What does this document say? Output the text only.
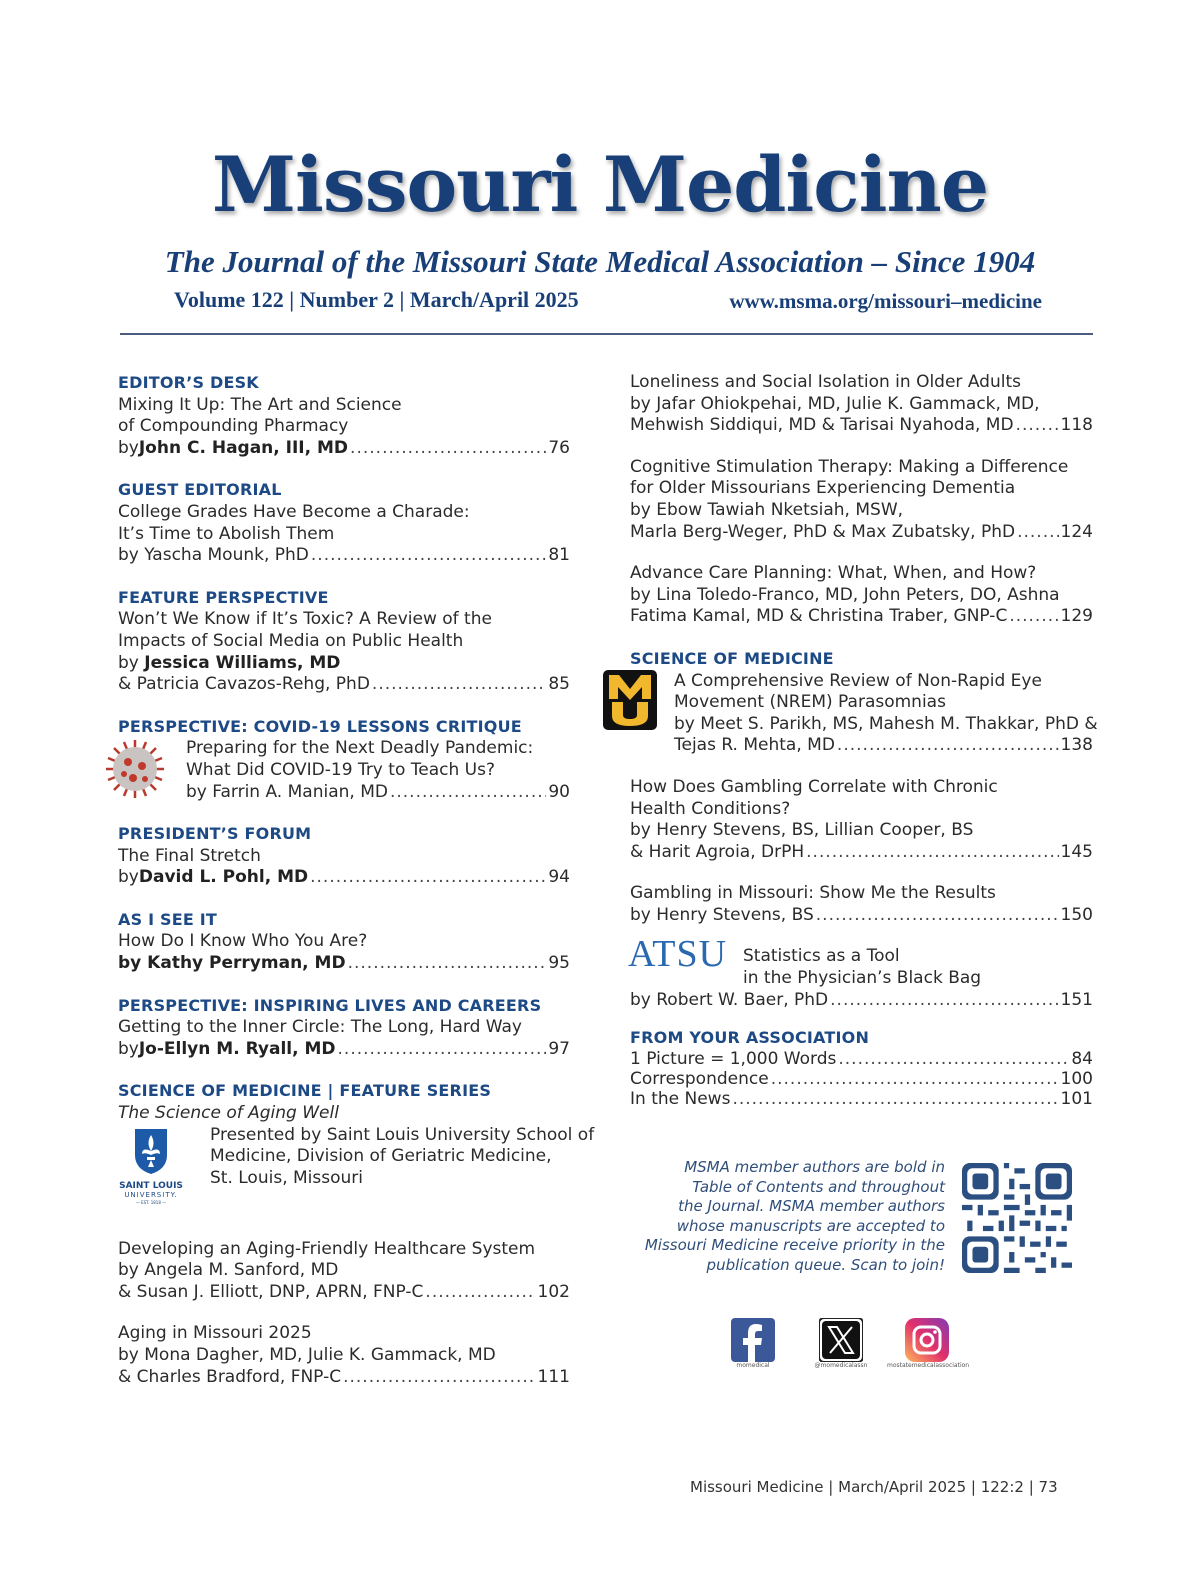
Missouri Medicine
The Journal of the Missouri State Medical Association – Since 1904
Volume 122 | Number 2 | March/April 2025	www.msma.org/missouri–medicine
EDITOR’S DESK
Mixing It Up: The Art and Science
of Compounding Pharmacy
by John C. Hagan, III, MD .....	76
GUEST EDITORIAL
College Grades Have Become a Charade:
It’s Time to Abolish Them
by Yascha Mounk, PhD .....	81
FEATURE PERSPECTIVE
Won’t We Know if It’s Toxic? A Review of the
Impacts of Social Media on Public Health
by Jessica Williams, MD
& Patricia Cavazos-Rehg, PhD .....	85
PERSPECTIVE: COVID-19 LESSONS CRITIQUE
Preparing for the Next Deadly Pandemic:
What Did COVID-19 Try to Teach Us?
by Farrin A. Manian, MD .....	90
PRESIDENT’S FORUM
The Final Stretch
by David L. Pohl, MD .....	94
AS I SEE IT
How Do I Know Who You Are?
by Kathy Perryman, MD .....	95
PERSPECTIVE: INSPIRING LIVES AND CAREERS
Getting to the Inner Circle: The Long, Hard Way
by Jo-Ellyn M. Ryall, MD .....	97
SCIENCE OF MEDICINE | FEATURE SERIES
The Science of Aging Well
SAINT LOUIS
UNIVERSITY.
— EST. 1818 —
Presented by Saint Louis University School of
Medicine, Division of Geriatric Medicine,
St. Louis, Missouri
Developing an Aging-Friendly Healthcare System
by Angela M. Sanford, MD
& Susan J. Elliott, DNP, APRN, FNP-C .....	102
Aging in Missouri 2025
by Mona Dagher, MD, Julie K. Gammack, MD
& Charles Bradford, FNP-C .....	111
Loneliness and Social Isolation in Older Adults
by Jafar Ohiokpehai, MD, Julie K. Gammack, MD,
Mehwish Siddiqui, MD & Tarisai Nyahoda, MD .....	118
Cognitive Stimulation Therapy: Making a Difference
for Older Missourians Experiencing Dementia
by Ebow Tawiah Nketsiah, MSW,
Marla Berg-Weger, PhD & Max Zubatsky, PhD .....	124
Advance Care Planning: What, When, and How?
by Lina Toledo-Franco, MD, John Peters, DO, Ashna
Fatima Kamal, MD & Christina Traber, GNP-C .....	129
SCIENCE OF MEDICINE
A Comprehensive Review of Non-Rapid Eye
Movement (NREM) Parasomnias
by Meet S. Parikh, MS, Mahesh M. Thakkar, PhD &
Tejas R. Mehta, MD .....	138
How Does Gambling Correlate with Chronic
Health Conditions?
by Henry Stevens, BS, Lillian Cooper, BS
& Harit Agroia, DrPH .....	145
Gambling in Missouri: Show Me the Results
by Henry Stevens, BS .....	150
ATSU Statistics as a Tool
in the Physician’s Black Bag
by Robert W. Baer, PhD .....	151
FROM YOUR ASSOCIATION
1 Picture = 1,000 Words .....	84
Correspondence .....	100
In the News .....	101
MSMA member authors are bold in
Table of Contents and throughout
the Journal. MSMA member authors
whose manuscripts are accepted to
Missouri Medicine receive priority in the
publication queue. Scan to join!
momedical	@momedicalassn	mostatemedicalassociation
Missouri Medicine | March/April 2025 | 122:2 | 73
